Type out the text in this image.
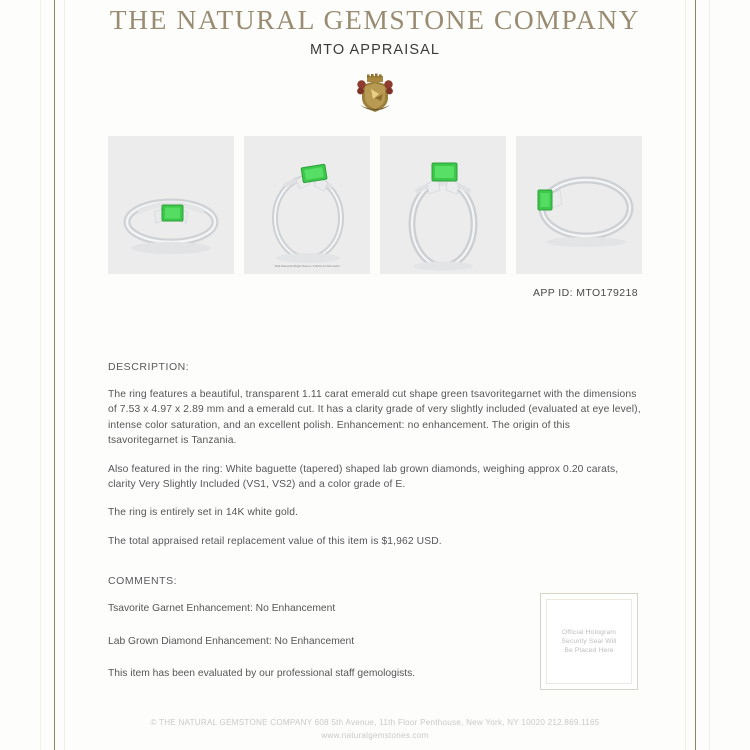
THE NATURAL GEMSTONE COMPANY
MTO APPRAISAL
Total Diamond Weight Stones: 0.20ctw (0.10ct each)
APP ID: MTO179218
DESCRIPTION:

The ring features a beautiful, transparent 1.11 carat emerald cut shape green tsavoritegarnet with the dimensions of 7.53 x 4.97 x 2.89 mm and a emerald cut. It has a clarity grade of very slightly included (evaluated at eye level), intense color saturation, and an excellent polish. Enhancement: no enhancement. The origin of this tsavoritegarnet is Tanzania.

Also featured in the ring: White baguette (tapered) shaped lab grown diamonds, weighing approx 0.20 carats, clarity Very Slightly Included (VS1, VS2) and a color grade of E.

The ring is entirely set in 14K white gold.

The total appraised retail replacement value of this item is $1,962 USD.

COMMENTS:

Tsavorite Garnet Enhancement: No Enhancement

Lab Grown Diamond Enhancement: No Enhancement

This item has been evaluated by our professional staff gemologists.

Official Hologram
Security Seal Will
Be Placed Here
© THE NATURAL GEMSTONE COMPANY 608 5th Avenue, 11th Floor Penthouse, New York, NY 10020 212.869.1165
www.naturalgemstones.com
